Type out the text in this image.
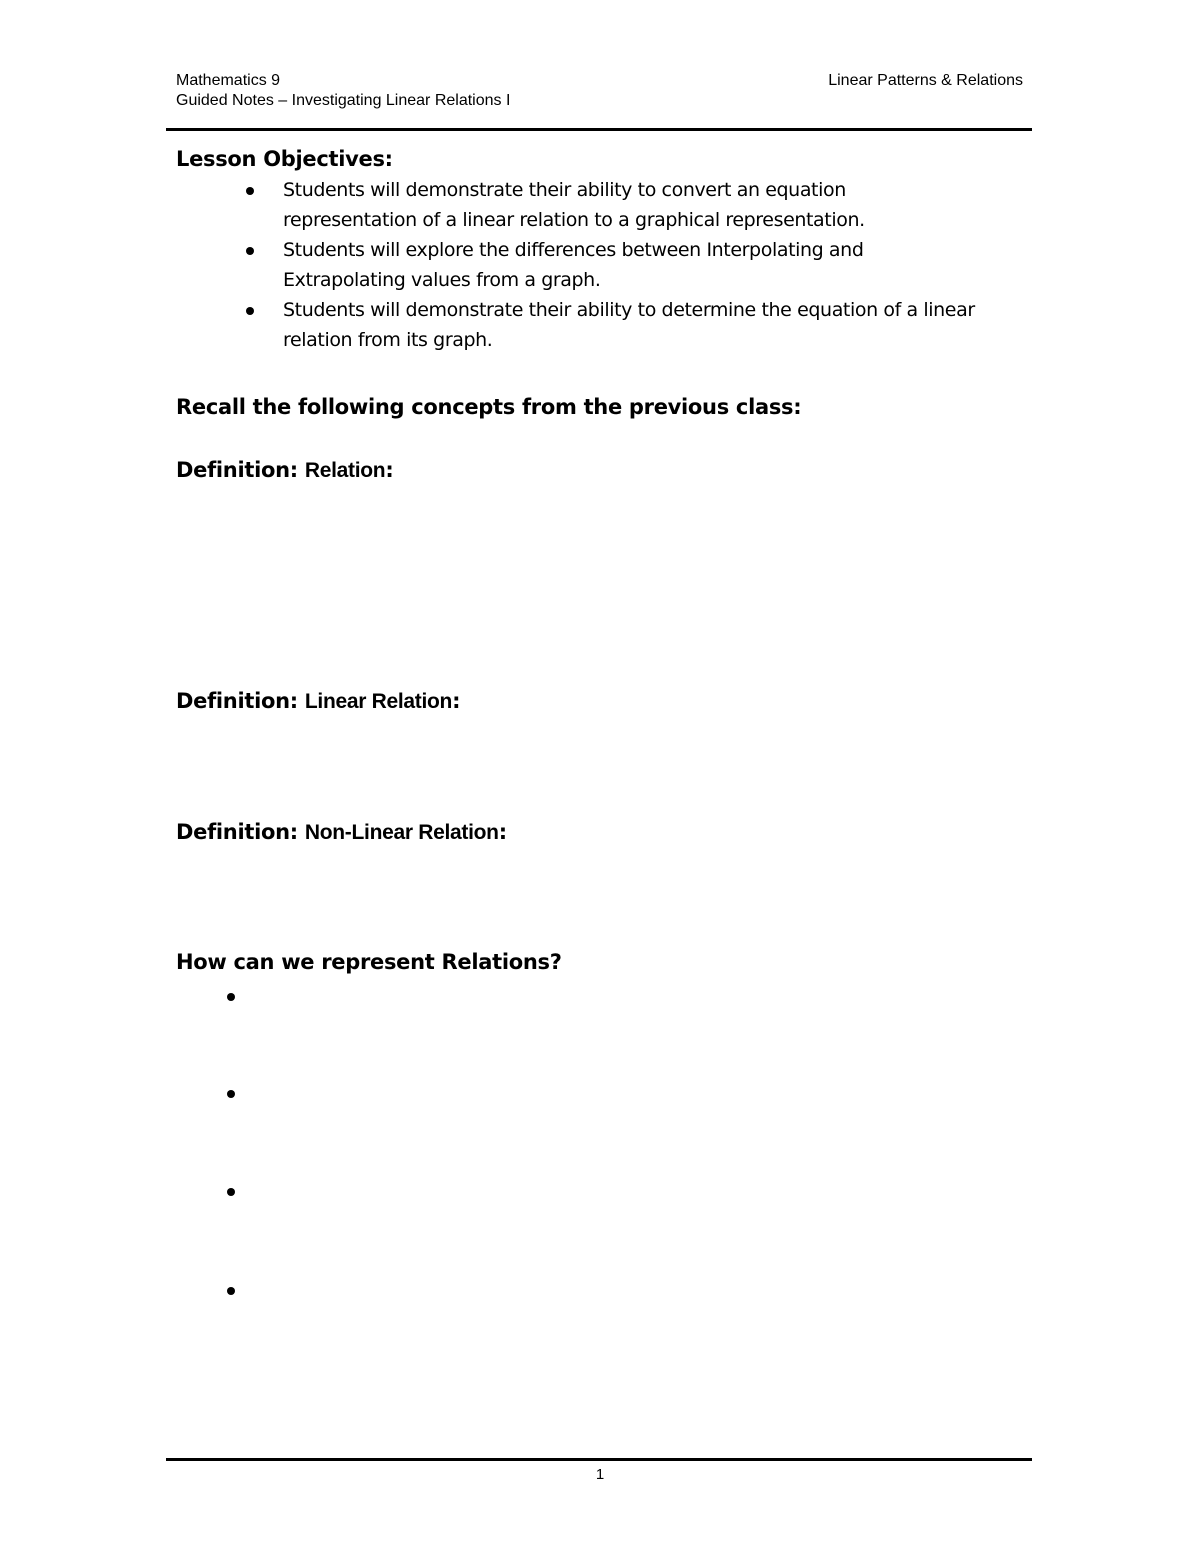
Mathematics 9
Guided Notes – Investigating Linear Relations I
Linear Patterns & Relations
Lesson Objectives:
Students will demonstrate their ability to convert an equation
representation of a linear relation to a graphical representation.
Students will explore the differences between Interpolating and
Extrapolating values from a graph.
Students will demonstrate their ability to determine the equation of a linear
relation from its graph.
Recall the following concepts from the previous class:
Definition: Relation:
Definition: Linear Relation:
Definition: Non-Linear Relation:
How can we represent Relations?
1
